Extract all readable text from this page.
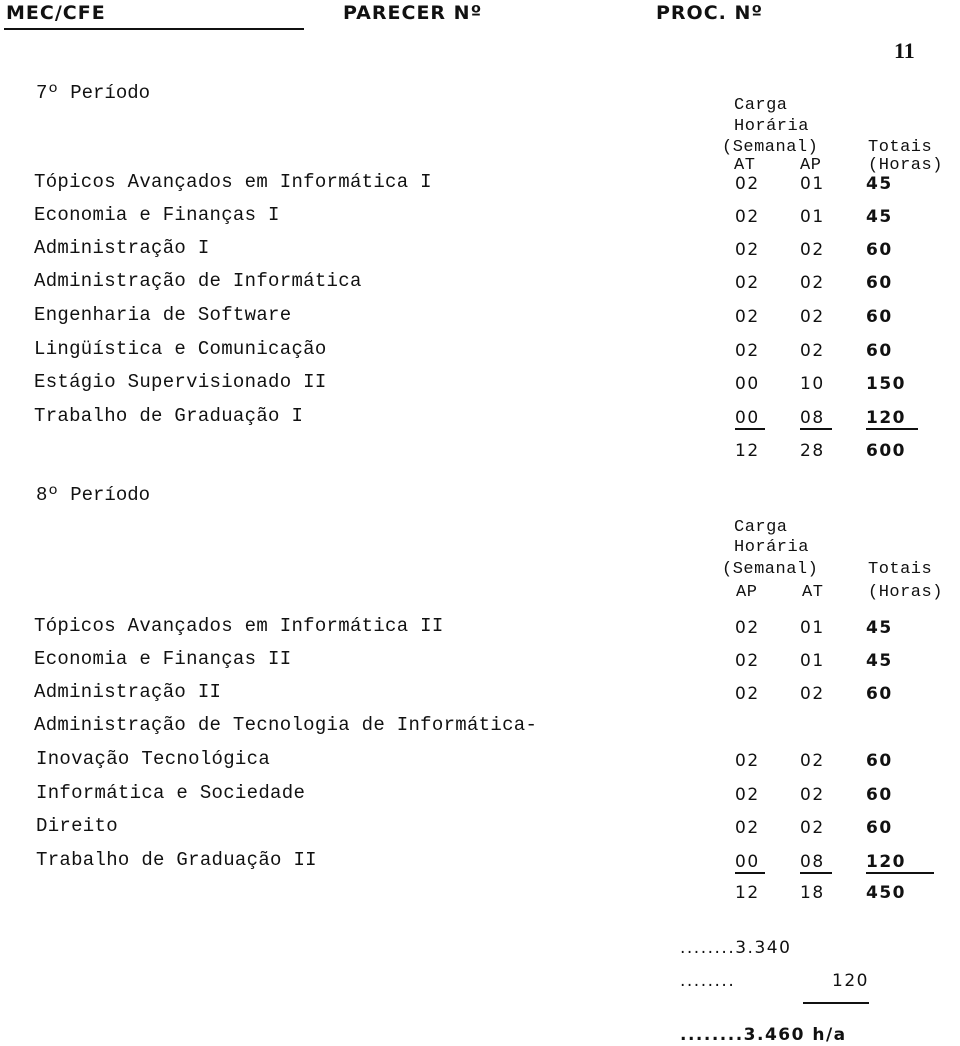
MEC/CFE	PARECER Nº	PROC. Nº
11
7º Período
Carga
Horária
(Semanal)
AT	AP
Totais
(Horas)
Tópicos Avançados em Informática I	02 01 45
Economia e Finanças I	02 01 45
Administração I	02 02 60
Administração de Informática	02 02 60
Engenharia de Software	02 02 60
Lingüística e Comunicação	02 02 60
Estágio Supervisionado II	00 10 150
Trabalho de Graduação I	00	08	120
12 28 600
8º Período
Carga
Horária
(Semanal)
AP	AT
Totais
(Horas)
Tópicos Avançados em Informática II	02 01 45
Economia e Finanças II	02 01 45
Administração II	02 02 60
Administração de Tecnologia de Informática-
Inovação Tecnológica	02 02 60
Informática e Sociedade	02 02 60
Direito	02 02 60
Trabalho de Graduação II	00	08	120
12 18 450
........3.340
........	120
........3.460 h/a
